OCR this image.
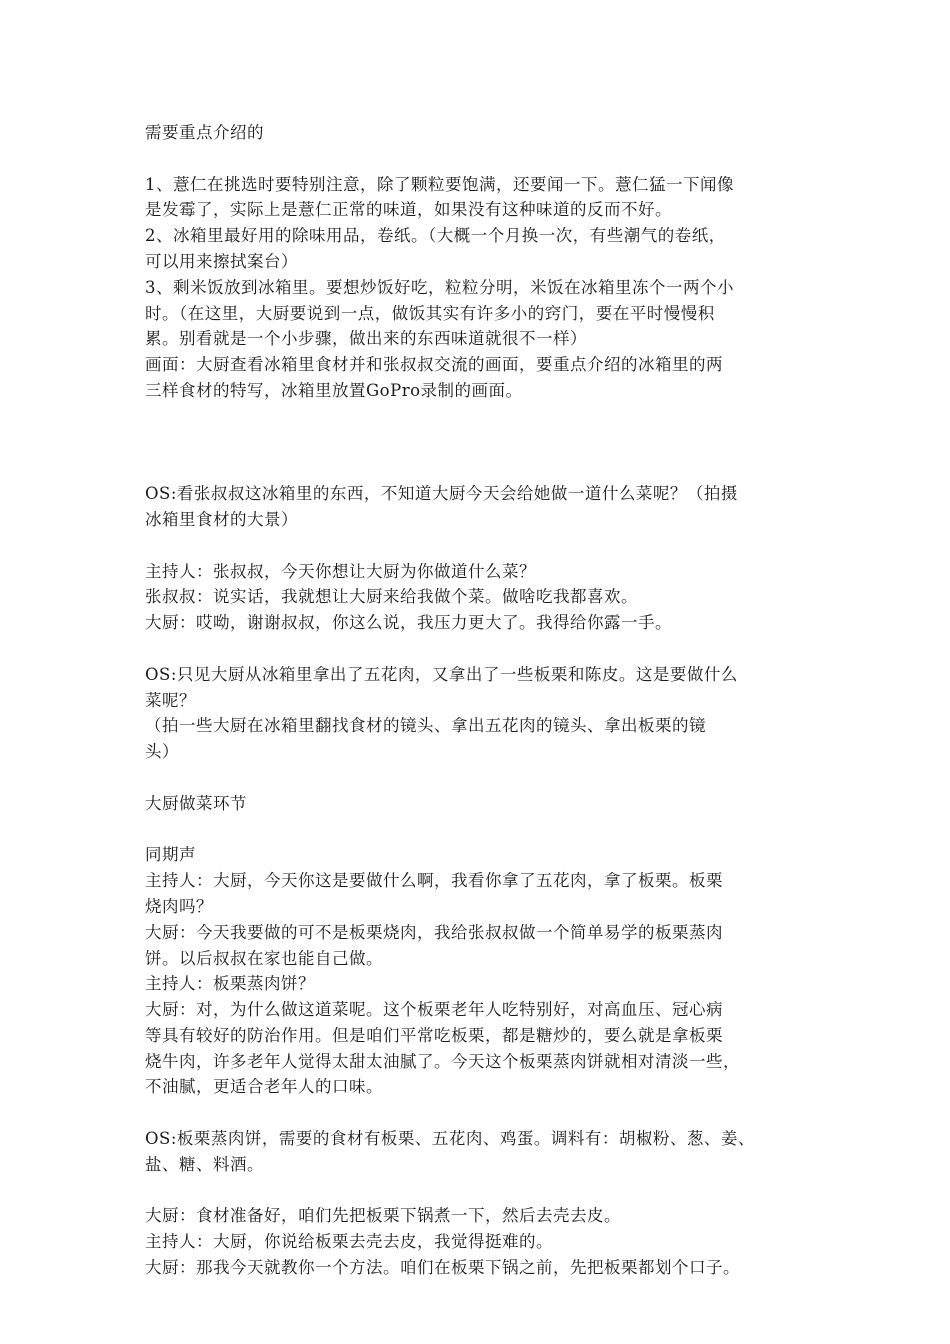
需要重点介绍的
1、薏仁在挑选时要特别注意，除了颗粒要饱满，还要闻一下。薏仁猛一下闻像
是发霉了，实际上是薏仁正常的味道，如果没有这种味道的反而不好。
2、冰箱里最好用的除味用品，卷纸。（大概一个月换一次，有些潮气的卷纸，
可以用来擦拭案台）
3、剩米饭放到冰箱里。要想炒饭好吃，粒粒分明，米饭在冰箱里冻个一两个小
时。（在这里，大厨要说到一点，做饭其实有许多小的窍门，要在平时慢慢积
累。别看就是一个小步骤，做出来的东西味道就很不一样）
画面：大厨查看冰箱里食材并和张叔叔交流的画面，要重点介绍的冰箱里的两
三样食材的特写，冰箱里放置GoPro录制的画面。
OS:看张叔叔这冰箱里的东西，不知道大厨今天会给她做一道什么菜呢？（拍摄
冰箱里食材的大景）
主持人：张叔叔，今天你想让大厨为你做道什么菜？
张叔叔：说实话，我就想让大厨来给我做个菜。做啥吃我都喜欢。
大厨：哎呦，谢谢叔叔，你这么说，我压力更大了。我得给你露一手。
OS:只见大厨从冰箱里拿出了五花肉，又拿出了一些板栗和陈皮。这是要做什么
菜呢？
（拍一些大厨在冰箱里翻找食材的镜头、拿出五花肉的镜头、拿出板栗的镜
头）
大厨做菜环节
同期声
主持人：大厨，今天你这是要做什么啊，我看你拿了五花肉，拿了板栗。板栗
烧肉吗？
大厨：今天我要做的可不是板栗烧肉，我给张叔叔做一个简单易学的板栗蒸肉
饼。以后叔叔在家也能自己做。
主持人：板栗蒸肉饼？
大厨：对，为什么做这道菜呢。这个板栗老年人吃特别好，对高血压、冠心病
等具有较好的防治作用。但是咱们平常吃板栗，都是糖炒的，要么就是拿板栗
烧牛肉，许多老年人觉得太甜太油腻了。今天这个板栗蒸肉饼就相对清淡一些，
不油腻，更适合老年人的口味。
OS:板栗蒸肉饼，需要的食材有板栗、五花肉、鸡蛋。调料有：胡椒粉、葱、姜、
盐、糖、料酒。
大厨：食材准备好，咱们先把板栗下锅煮一下，然后去壳去皮。
主持人：大厨，你说给板栗去壳去皮，我觉得挺难的。
大厨：那我今天就教你一个方法。咱们在板栗下锅之前，先把板栗都划个口子。
